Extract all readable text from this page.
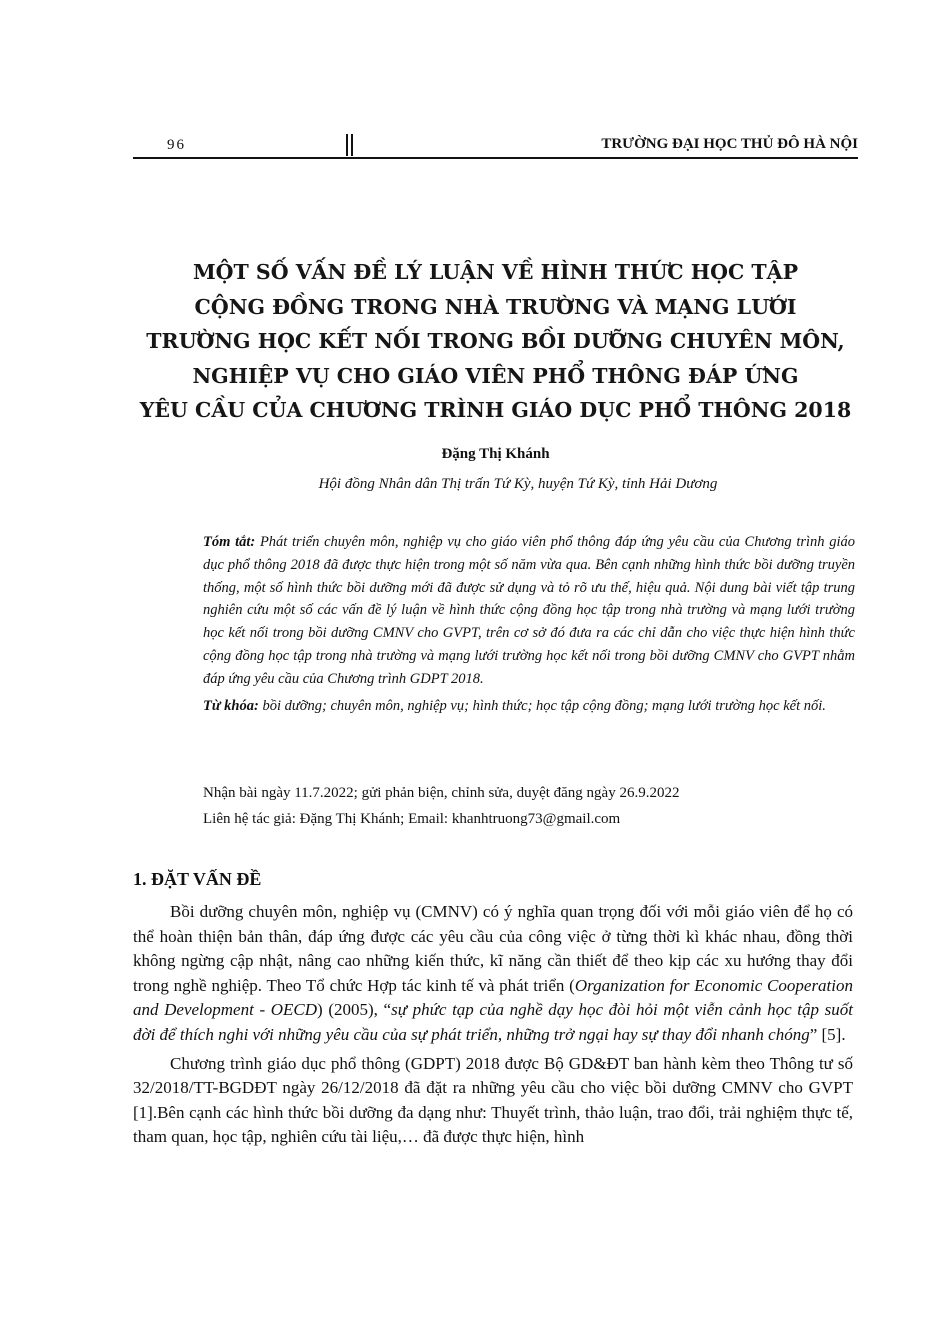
96	TRƯỜNG ĐẠI HỌC THỦ ĐÔ HÀ NỘI
MỘT SỐ VẤN ĐỀ LÝ LUẬN VỀ HÌNH THỨC HỌC TẬP
CỘNG ĐỒNG TRONG NHÀ TRƯỜNG VÀ MẠNG LƯỚI
TRƯỜNG HỌC KẾT NỐI TRONG BỒI DƯỠNG CHUYÊN MÔN,
NGHIỆP VỤ CHO GIÁO VIÊN PHỔ THÔNG ĐÁP ỨNG
YÊU CẦU CỦA CHƯƠNG TRÌNH GIÁO DỤC PHỔ THÔNG 2018
Đặng Thị Khánh
Hội đồng Nhân dân Thị trấn Tứ Kỳ, huyện Tứ Kỳ, tỉnh Hải Dương

Tóm tắt: Phát triển chuyên môn, nghiệp vụ cho giáo viên phổ thông đáp ứng yêu cầu của Chương trình giáo dục phổ thông 2018 đã được thực hiện trong một số năm vừa qua. Bên cạnh những hình thức bồi dưỡng truyền thống, một số hình thức bồi dưỡng mới đã được sử dụng và tỏ rõ ưu thế, hiệu quả. Nội dung bài viết tập trung nghiên cứu một số các vấn đề lý luận về hình thức cộng đồng học tập trong nhà trường và mạng lưới trường học kết nối trong bồi dưỡng CMNV cho GVPT, trên cơ sở đó đưa ra các chỉ dẫn cho việc thực hiện hình thức cộng đồng học tập trong nhà trường và mạng lưới trường học kết nối trong bồi dưỡng CMNV cho GVPT nhằm đáp ứng yêu cầu của Chương trình GDPT 2018.

Từ khóa: bồi dưỡng; chuyên môn, nghiệp vụ; hình thức; học tập cộng đồng; mạng lưới trường học kết nối.

Nhận bài ngày 11.7.2022; gửi phản biện, chỉnh sửa, duyệt đăng ngày 26.9.2022

Liên hệ tác giả: Đặng Thị Khánh; Email: khanhtruong73@gmail.com

1. ĐẶT VẤN ĐỀ

Bồi dưỡng chuyên môn, nghiệp vụ (CMNV) có ý nghĩa quan trọng đối với mỗi giáo viên để họ có thể hoàn thiện bản thân, đáp ứng được các yêu cầu của công việc ở từng thời kì khác nhau, đồng thời không ngừng cập nhật, nâng cao những kiến thức, kĩ năng cần thiết để theo kịp các xu hướng thay đổi trong nghề nghiệp. Theo Tổ chức Hợp tác kinh tế và phát triển (Organization for Economic Cooperation and Development - OECD) (2005), “sự phức tạp của nghề dạy học đòi hỏi một viễn cảnh học tập suốt đời để thích nghi với những yêu cầu của sự phát triển, những trở ngại hay sự thay đổi nhanh chóng” [5].

Chương trình giáo dục phổ thông (GDPT) 2018 được Bộ GD&ĐT ban hành kèm theo Thông tư số 32/2018/TT-BGDĐT ngày 26/12/2018 đã đặt ra những yêu cầu cho việc bồi dưỡng CMNV cho GVPT [1].Bên cạnh các hình thức bồi dưỡng đa dạng như: Thuyết trình, thảo luận, trao đổi, trải nghiệm thực tế, tham quan, học tập, nghiên cứu tài liệu,… đã được thực hiện, hình
